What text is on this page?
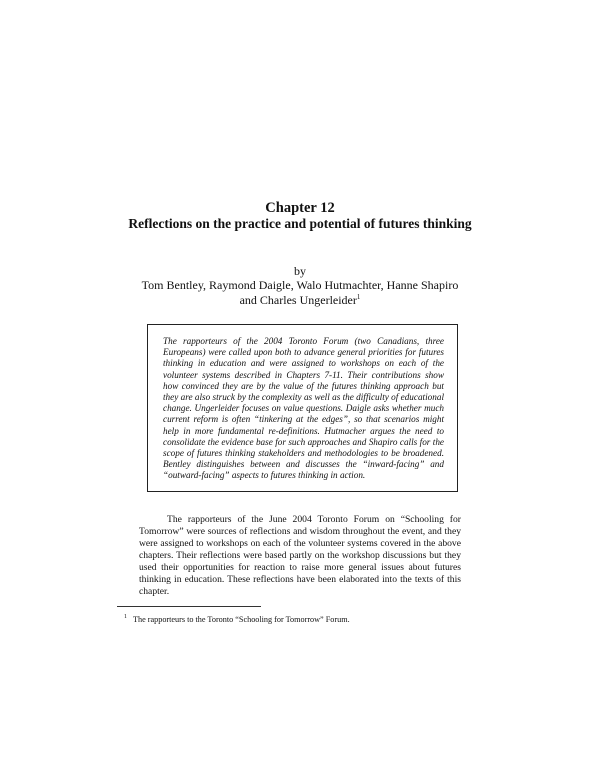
Chapter 12
Reflections on the practice and potential of futures thinking
by
Tom Bentley, Raymond Daigle, Walo Hutmachter, Hanne Shapiro
and Charles Ungerleider$^1$
The rapporteurs of the 2004 Toronto Forum (two Canadians, three Europeans) were called upon both to advance general priorities for futures thinking in education and were assigned to workshops on each of the volunteer systems described in Chapters 7-11. Their contributions show how convinced they are by the value of the futures thinking approach but they are also struck by the complexity as well as the difficulty of educational change. Ungerleider focuses on value questions. Daigle asks whether much current reform is often “tinkering at the edges”, so that scenarios might help in more fundamental re-definitions. Hutmacher argues the need to consolidate the evidence base for such approaches and Shapiro calls for the scope of futures thinking stakeholders and methodologies to be broadened. Bentley distinguishes between and discusses the “inward-facing” and “outward-facing” aspects to futures thinking in action.
The rapporteurs of the June 2004 Toronto Forum on “Schooling for Tomorrow” were sources of reflections and wisdom throughout the event, and they were assigned to workshops on each of the volunteer systems covered in the above chapters. Their reflections were based partly on the workshop discussions but they used their opportunities for reaction to raise more general issues about futures thinking in education. These reflections have been elaborated into the texts of this chapter.
$^1$ The rapporteurs to the Toronto “Schooling for Tomorrow” Forum.
